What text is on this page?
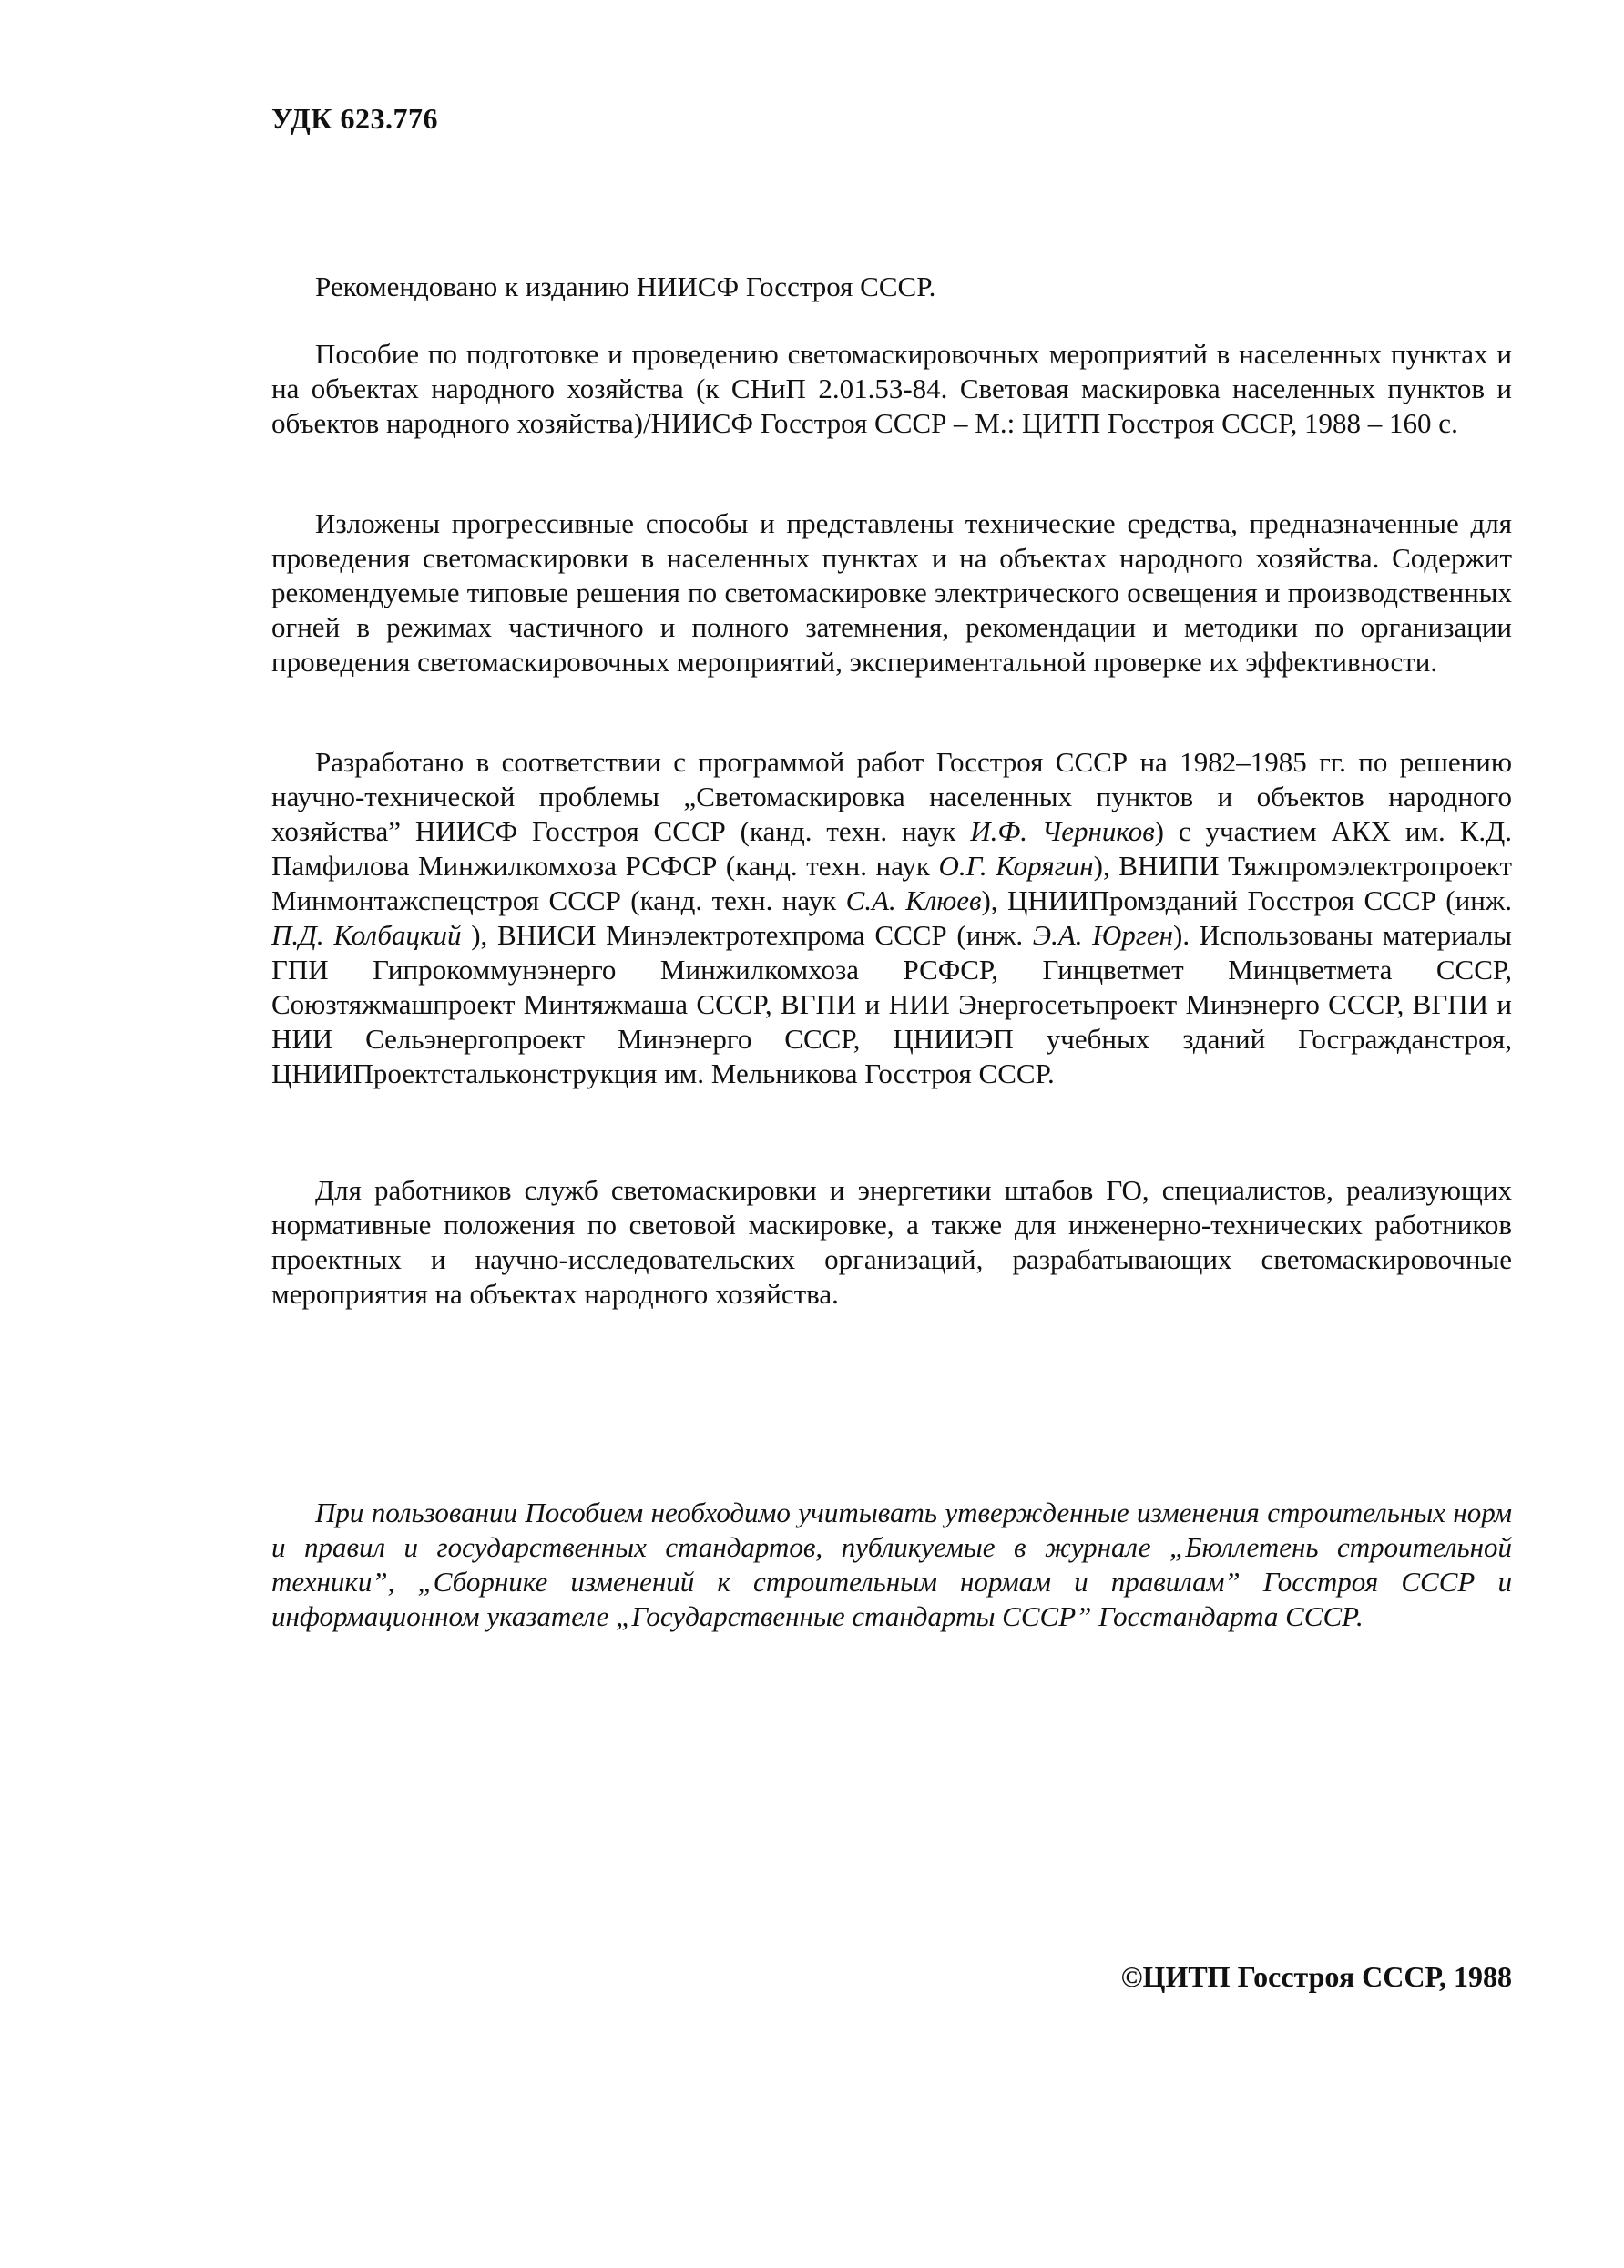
УДК 623.776

Рекомендовано к изданию НИИСФ Госстроя СССР.

Пособие по подготовке и проведению светомаскировочных мероприятий в населенных пунктах и на объектах народного хозяйства (к СНиП 2.01.53-84. Световая маскировка населенных пунктов и объектов народного хозяйства)/НИИСФ Госстроя СССР – М.: ЦИТП Госстроя СССР, 1988 – 160 с.

Изложены прогрессивные способы и представлены технические средства, предназначенные для проведения светомаскировки в населенных пунктах и на объектах народного хозяйства. Содержит рекомендуемые типовые решения по светомаскировке электрического освещения и производственных огней в режимах частичного и полного затемнения, рекомендации и методики по организации проведения светомаскировочных мероприятий, экспериментальной проверке их эффективности.

Разработано в соответствии с программой работ Госстроя СССР на 1982–1985 гг. по решению научно-технической проблемы „Светомаскировка населенных пунктов и объектов народного хозяйства” НИИСФ Госстроя СССР (канд. техн. наук И.Ф. Черников) с участием АКХ им. К.Д. Памфилова Минжилкомхоза РСФСР (канд. техн. наук О.Г. Корягин), ВНИПИ Тяжпромэлектропроект Минмонтажспецстроя СССР (канд. техн. наук С.А. Клюев), ЦНИИПромзданий Госстроя СССР (инж. П.Д. Колбацкий ), ВНИСИ Минэлектротехпрома СССР (инж. Э.А. Юрген). Использованы материалы ГПИ Гипрокоммунэнерго Минжилкомхоза РСФСР, Гинцветмет Минцветмета СССР, Союзтяжмашпроект Минтяжмаша СССР, ВГПИ и НИИ Энергосетьпроект Минэнерго СССР, ВГПИ и НИИ Сельэнергопроект Минэнерго СССР, ЦНИИЭП учебных зданий Госгражданстроя, ЦНИИПроектстальконструкция им. Мельникова Госстроя СССР.

Для работников служб светомаскировки и энергетики штабов ГО, специалистов, реализующих нормативные положения по световой маскировке, а также для инженерно-технических работников проектных и научно-исследовательских организаций, разрабатывающих светомаскировочные мероприятия на объектах народного хозяйства.

При пользовании Пособием необходимо учитывать утвержденные изменения строительных норм и правил и государственных стандартов, публикуемые в журнале „Бюллетень строительной техники”, „Сборнике изменений к строительным нормам и правилам” Госстроя СССР и информационном указателе „Государственные стандарты СССР” Госстандарта СССР.

©ЦИТП Госстроя СССР, 1988
